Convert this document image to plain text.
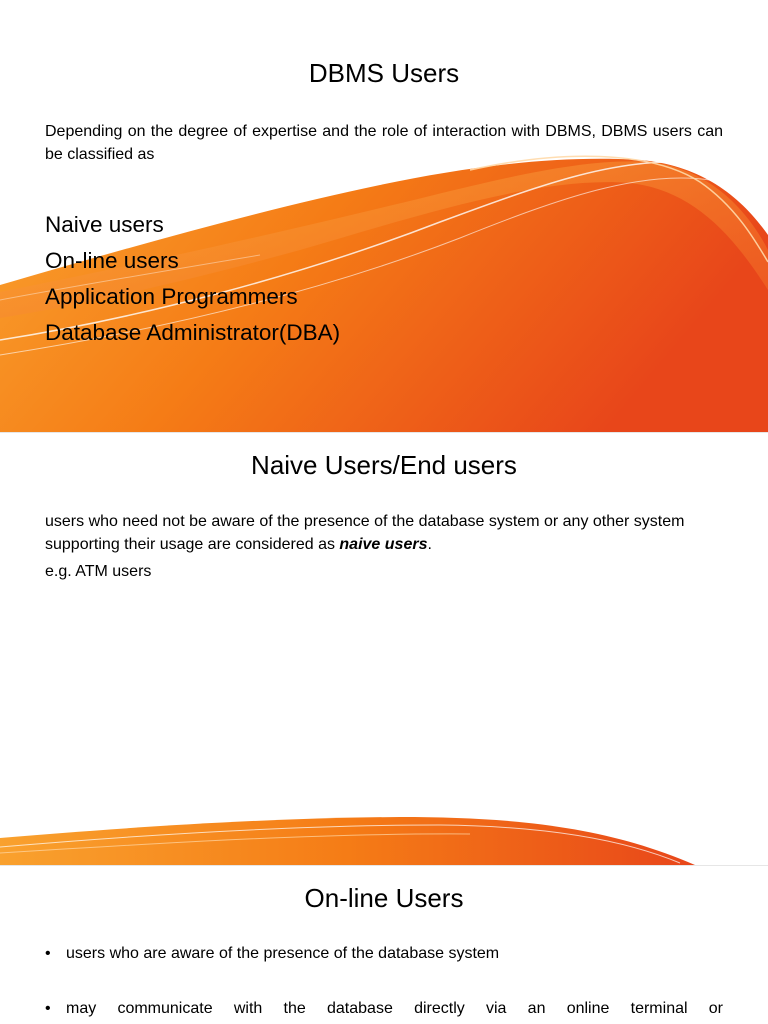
DBMS Users

Depending on the degree of expertise and the role of interaction with DBMS, DBMS users can be classified as

Naive users
On-line users
Application Programmers
Database Administrator(DBA)
Naive Users/End users

users who need not be aware of the presence of the database system or any other system supporting their usage are considered as naive users.

e.g. ATM users

On-line Users
• users who are aware of the presence of the database system
• may communicate with the database directly via an online terminal or
